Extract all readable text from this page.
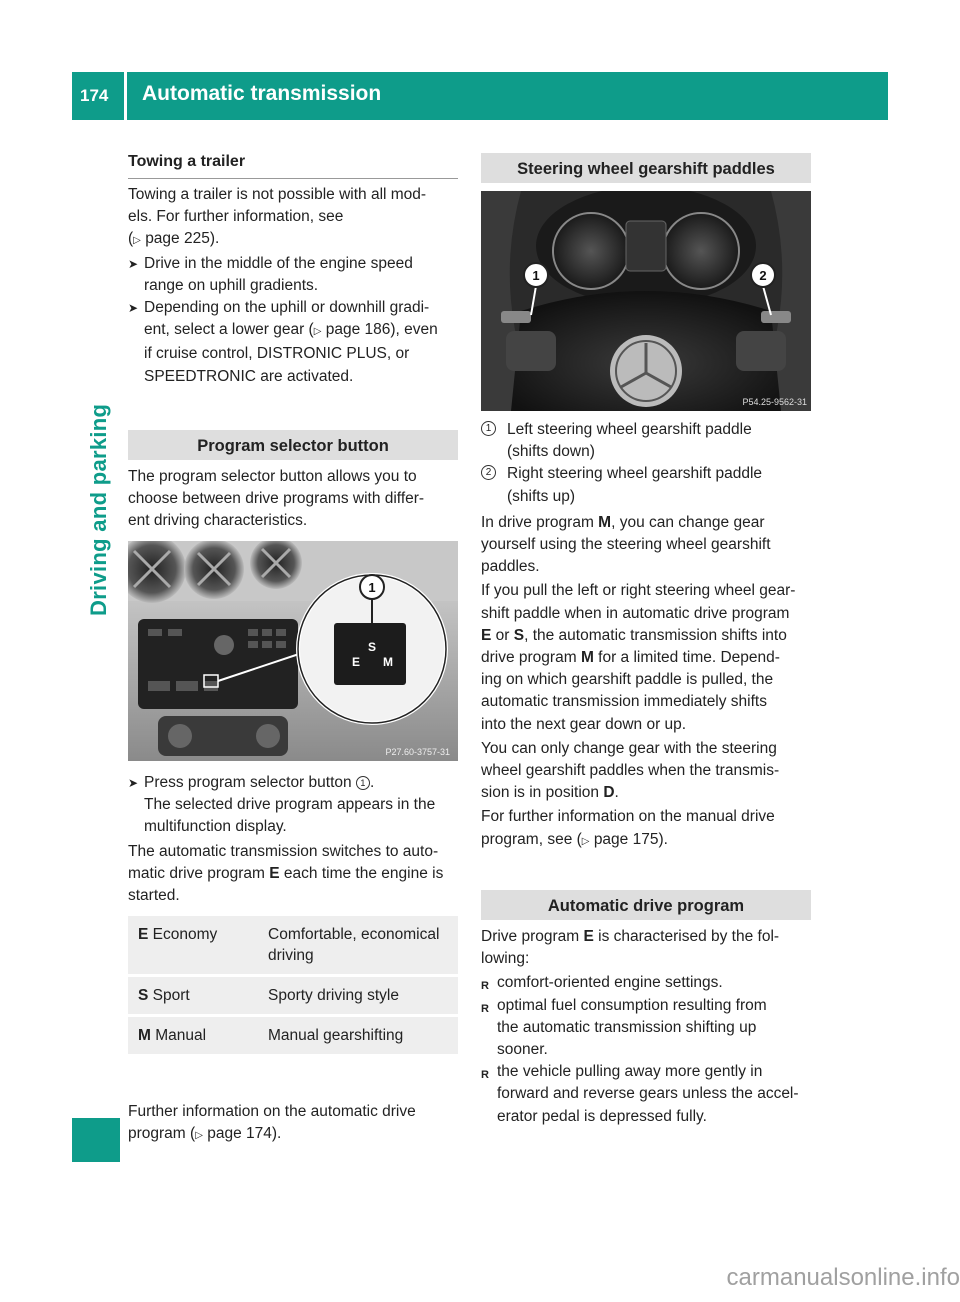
174 Automatic transmission
Driving and parking
Towing a trailer

Towing a trailer is not possible with all mod-

els. For further information, see

(▷ page 225).

➤ Drive in the middle of the engine speed
range on uphill gradients.
➤ Depending on the uphill or downhill gradi-
ent, select a lower gear (▷ page 186), even
if cruise control, DISTRONIC PLUS, or
SPEEDTRONIC are activated.
Program selector button

The program selector button allows you to

choose between drive programs with differ-

ent driving characteristics.

1
S
E M
P27.60-3757-31
➤ Press program selector button 1 .
The selected drive program appears in the
multifunction display.

The automatic transmission switches to auto-

matic drive program E each time the engine is

started.

E Economy	Comfortable, economical
driving

S Sport	Sporty driving style

M Manual	Manual gearshifting

Further information on the automatic drive

program (▷ page 174).

Steering wheel gearshift paddles
1	2
P54.25-9562-31
1	Left steering wheel gearshift paddle
(shifts down)
2	Right steering wheel gearshift paddle
(shifts up)

In drive program M, you can change gear

yourself using the steering wheel gearshift

paddles.

If you pull the left or right steering wheel gear-

shift paddle when in automatic drive program

E or S, the automatic transmission shifts into

drive program M for a limited time. Depend-

ing on which gearshift paddle is pulled, the

automatic transmission immediately shifts

into the next gear down or up.

You can only change gear with the steering

wheel gearshift paddles when the transmis-

sion is in position D.

For further information on the manual drive

program, see (▷ page 175).

Automatic drive program

Drive program E is characterised by the fol-

lowing:

R comfort-oriented engine settings.
R optimal fuel consumption resulting from
the automatic transmission shifting up
sooner.
R the vehicle pulling away more gently in
forward and reverse gears unless the accel-
erator pedal is depressed fully.
carmanualsonline.info
